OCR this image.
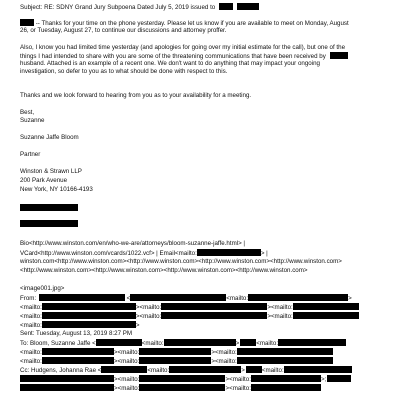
Subject: RE: SDNY Grand Jury Subpoena Dated July 5, 2019 issued to
-- Thanks for your time on the phone yesterday. Please let us know if you are available to meet on Monday, August
26, or Tuesday, August 27, to continue our discussions and attorney proffer.
Also, I know you had limited time yesterday (and apologies for going over my initial estimate for the call), but one of the
things I had intended to share with you are some of the threatening communications that have been received by
husband. Attached is an example of a recent one. We don't want to do anything that may impact your ongoing
investigation, so defer to you as to what should be done with respect to this.
Thanks and we look forward to hearing from you as to your availability for a meeting.
Best,
Suzanne
Suzanne Jaffe Bloom
Partner
Winston & Strawn LLP
200 Park Avenue
New York, NY 10166-4193
Bio<http://www.winston.com/en/who-we-are/attorneys/bloom-suzanne-jaffe.html> |
VCard<http://www.winston.com/vcards/1022.vcf> | Email<mailto:	> |
winston.com<http://www.winston.com><http://www.winston.com><http://www.winston.com><http://www.winston.com>
<http://www.winston.com><http://www.winston.com><http://www.winston.com><http://www.winston.com>
<image001.jpg>
From:	<	<mailto:	>
<mailto:	><mailto:	><mailto:
<mailto:	><mailto:	><mailto:
<mailto:	>
Sent: Tuesday, August 13, 2019 8:27 PM
To: Bloom, Suzanne Jaffe <	<mailto:	>	<mailto:
<mailto:	><mailto:	><mailto:
<mailto:	><mailto:	><mailto:
Cc: Hudgens, Johanna Rae <	<mailto:	>	<mailto:
><mailto:	><mailto:	>;
><mailto:	><mailto:
